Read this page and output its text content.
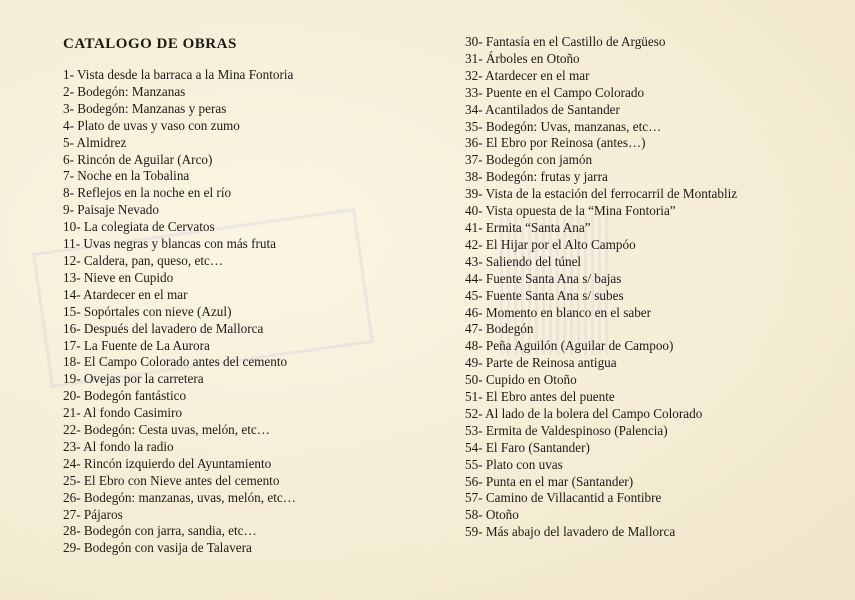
CATALOGO DE OBRAS
1- Vista desde la barraca a la Mina Fontoria
2- Bodegón: Manzanas
3- Bodegón: Manzanas y peras
4- Plato de uvas y vaso con zumo
5- Almidrez
6- Rincón de Aguilar (Arco)
7- Noche en la Tobalina
8- Reflejos en la noche en el río
9- Paisaje Nevado
10- La colegiata de Cervatos
11- Uvas negras y blancas con más fruta
12- Caldera, pan, queso, etc…
13- Nieve en Cupido
14- Atardecer en el mar
15- Sopórtales con nieve (Azul)
16- Después del lavadero de Mallorca
17- La Fuente de La Aurora
18- El Campo Colorado antes del cemento
19- Ovejas por la carretera
20- Bodegón fantástico
21- Al fondo Casimiro
22- Bodegón: Cesta uvas, melón, etc…
23- Al fondo la radio
24- Rincón izquierdo del Ayuntamiento
25- El Ebro con Nieve antes del cemento
26- Bodegón: manzanas, uvas, melón, etc…
27- Pájaros
28- Bodegón con jarra, sandia, etc…
29- Bodegón con vasija de Talavera
30- Fantasía en el Castillo de Argüeso
31- Árboles en Otoño
32- Atardecer en el mar
33- Puente en el Campo Colorado
34- Acantilados de Santander
35- Bodegón: Uvas, manzanas, etc…
36- El Ebro por Reinosa (antes…)
37- Bodegón con jamón
38- Bodegón: frutas y jarra
39- Vista de la estación del ferrocarril de Montabliz
40- Vista opuesta de la “Mina Fontoria”
41- Ermita “Santa Ana”
42- El Hijar por el Alto Campóo
43- Saliendo del túnel
44- Fuente Santa Ana s/ bajas
45- Fuente Santa Ana s/ subes
46- Momento en blanco en el saber
47- Bodegón
48- Peña Aguilón (Aguilar de Campoo)
49- Parte de Reinosa antigua
50- Cupido en Otoño
51- El Ebro antes del puente
52- Al lado de la bolera del Campo Colorado
53- Ermita de Valdespinoso (Palencia)
54- El Faro (Santander)
55- Plato con uvas
56- Punta en el mar (Santander)
57- Camino de Villacantid a Fontibre
58- Otoño
59- Más abajo del lavadero de Mallorca
